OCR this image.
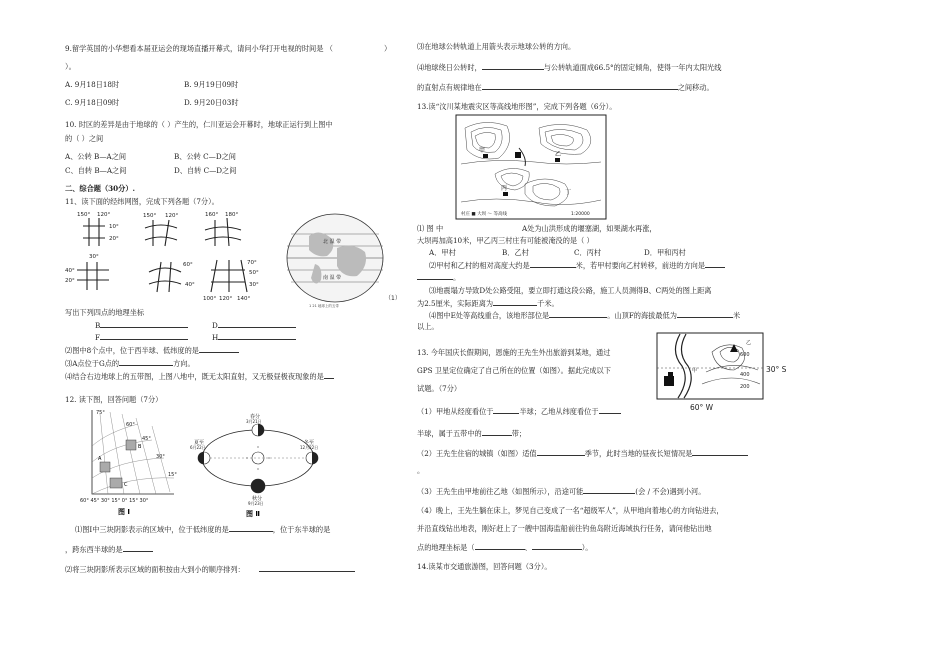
9.留学英国的小华想看本届亚运会的现场直播开幕式，请问小华打开电视的时间是 （	）
）。
A. 9月18日18时	B. 9月19日09时
C. 9月18日09时	D. 9月20日03时
10. 时区的差异是由于地球的（ ）产生的，仁川亚运会开幕时，地球正运行到上图中
的（ ）之间
A、公转 B—A之间	B、公转 C—D之间
C、自转 B—A之间	D、自转 C—D之间
二、综合题（30分）.
11、读下面的经纬网图，完成下列各题（7分）。
150° 120°	150° 120°	160° 180°
10°
20°
40°
30°
20°
60°
40°
70°
50°
30°
100° 120° 140°
北 温 带
南 温 带
1 21 地球上的五带
（1）
写出下列四点的地理坐标
B	D
F	H
⑵图中8个点中，位于西半球、低纬度的是
⑶A点位于G点的	方向。
⑷结合右边地球上的五带图，上图八地中，既无太阳直射，又无极昼极夜现象的是
12. 读下图，回答问题（7分）
A
B
C
75°
60°
45°
30°
15°
60° 45° 30° 15° 0° 15° 30°
图 Ⅰ
春分
3月21日
夏至
6月22日
冬至
12月22日
秋分
9月23日
图 Ⅱ
⑴图Ⅰ中三块阴影表示的区域中，位于低纬度的是	，位于东半球的是
，跨东西半球的是
⑵将三块阴影所表示区域的面积按由大到小的顺序排列：
⑶在地球公转轨道上用箭头表示地球公转的方向。
⑷地球绕日公转时，	与公转轨道面成66.5°的固定倾角，使得一年内太阳光线
的直射点有规律地在	之间移动。
13.读“汶川某地震灾区等高线地形图”，完成下列各题（6分）。
甲
乙
丙
丁
村庄 ■ 大坝 〜 等高线	1:20000
⑴ 图 中	A处为山洪形成的堰塞湖，如果湖水再涨，
大坝再加高10米，甲乙丙三村庄有可能被淹没的是（ ）
A．甲村	B．乙村	C．丙村	D．甲和丙村
⑵甲村和乙村的相对高度大约是	米，若甲村要向乙村转移，前进的方向是
。
⑶地震塌方导致D处公路受阻，要立即打通这段公路，施工人员测得B、C两处的图上距离
为2.5厘米，实际距离为	千米。
⑷图中E处等高线重合，该地形部位是	。山顶F的海拔最低为	米
以上。
13. 今年国庆长假期间，恩施的王先生外出旅游到某地，通过
GPS 卫星定位确定了自己所在的位置（如图）。据此完成以下
试题。（7分）
600
400
200
甲
乙
30° S
60° W
（1）甲地从经度看位于	半球；乙地从纬度看位于
半球，属于五带中的	带；
（2）王先生住宿的城镇（如图）适值	季节，此时当地的昼夜长短情况是
。
（3）王先生由甲地前往乙地（如图所示），沿途可能	(会 / 不会)遇到小河。
（4）晚上，王先生躺在床上，梦见自己变成了一名“超级军人”，从甲地向着地心的方向钻进去，
并沿直线钻出地表，刚好赶上了一艘中国海监船前往钓鱼岛附近海域执行任务，请问他钻出地
点的地理坐标是（	、	）。
14.读某市交通旅游图，回答问题（3分）。
